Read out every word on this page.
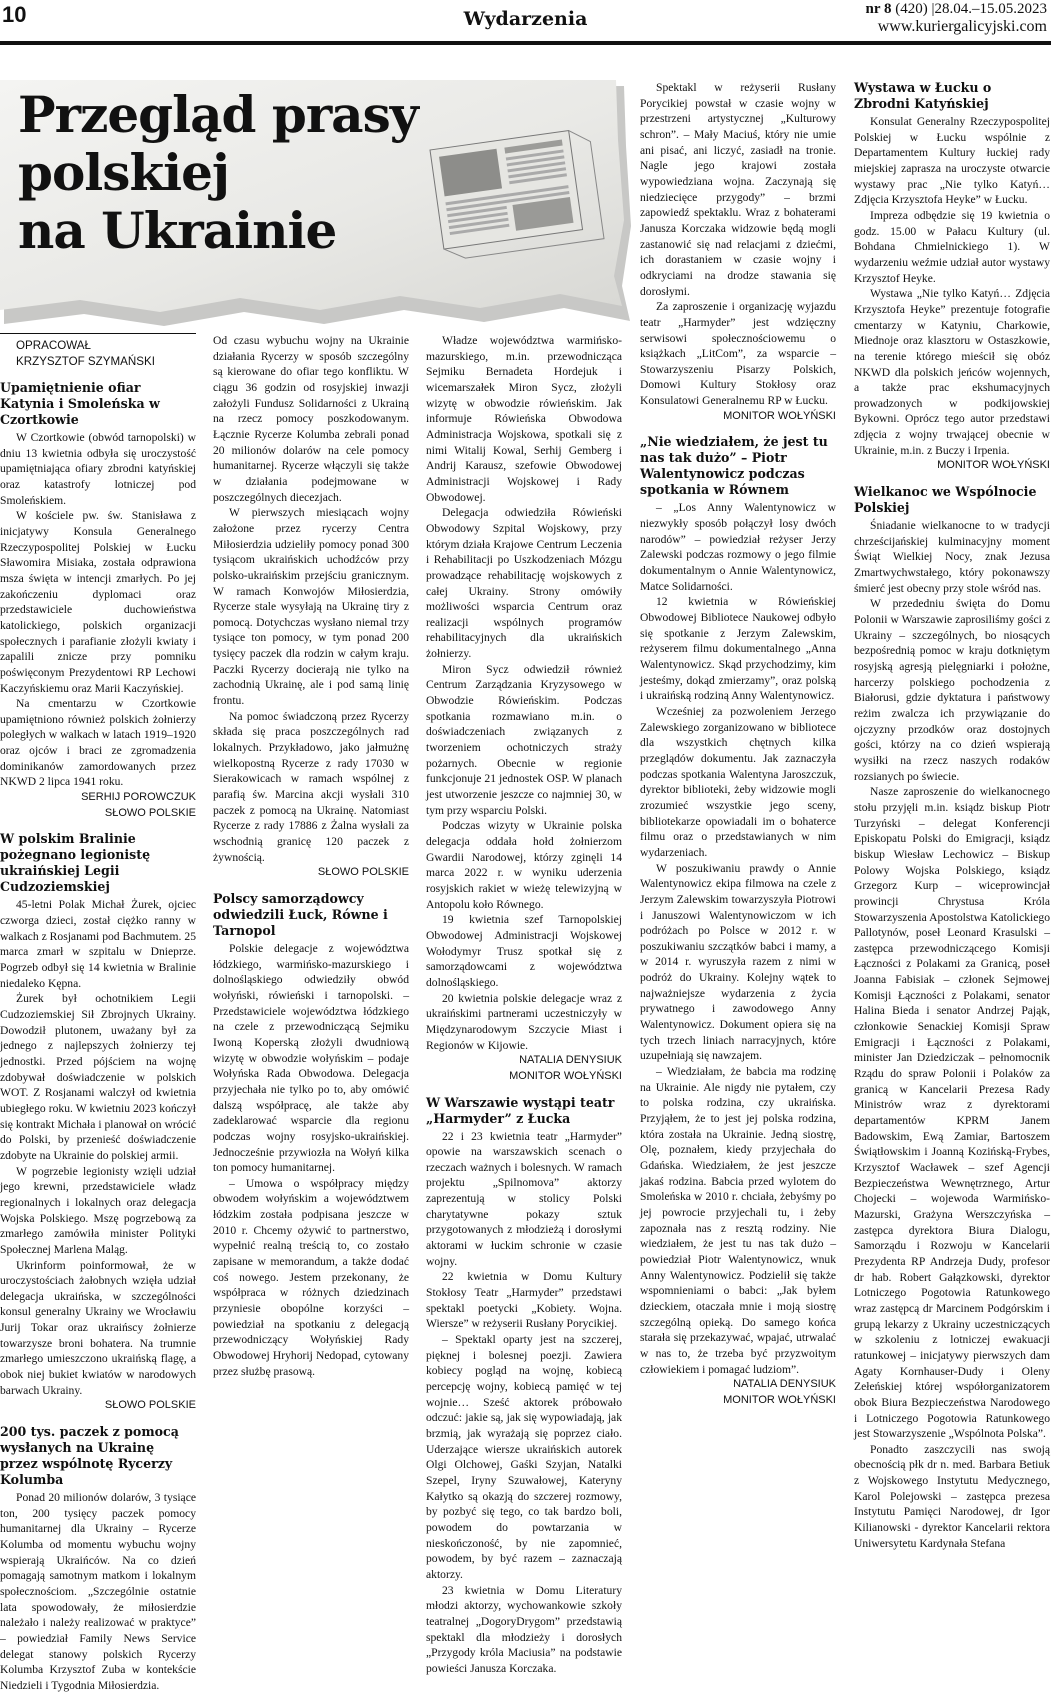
10	Wydarzenia	nr 8 (420) |28.04.–15.05.2023
www.kuriergalicyjski.com
Przegląd prasy
polskiej
na Ukrainie

OPRACOWAŁ

KRZYSZTOF SZYMAŃSKI

Upamiętnienie ofiar Katynia i Smoleńska w Czortkowie

W Czortkowie (obwód tarnopolski) w dniu 13 kwietnia odbyła się uroczystość upamiętniająca ofiary zbrodni katyńskiej oraz katastrofy lotniczej pod Smoleńskiem.

W kościele pw. św. Stanisława z inicjatywy Konsula Generalnego Rzeczypospolitej Polskiej w Łucku Sławomira Misiaka, została odprawiona msza święta w intencji zmarłych. Po jej zakończeniu dyplomaci oraz przedstawiciele duchowieństwa katolickiego, polskich organizacji społecznych i parafianie złożyli kwiaty i zapalili znicze przy pomniku poświęconym Prezydentowi RP Lechowi Kaczyńskiemu oraz Marii Kaczyńskiej.

Na cmentarzu w Czortkowie upamiętniono również polskich żołnierzy poległych w walkach w latach 1919–1920 oraz ojców i braci ze zgromadzenia dominikanów zamordowanych przez NKWD 2 lipca 1941 roku.

SERHIJ POROWCZUK

SŁOWO POLSKIE

W polskim Bralinie pożegnano legionistę ukraińskiej Legii Cudzoziemskiej

45-letni Polak Michał Żurek, ojciec czworga dzieci, został ciężko ranny w walkach z Rosjanami pod Bachmutem. 25 marca zmarł w szpitalu w Dnieprze. Pogrzeb odbył się 14 kwietnia w Bralinie niedaleko Kępna.

Żurek był ochotnikiem Legii Cudzoziemskiej Sił Zbrojnych Ukrainy. Dowodził plutonem, uważany był za jednego z najlepszych żołnierzy tej jednostki. Przed pójściem na wojnę zdobywał doświadczenie w polskich WOT. Z Rosjanami walczył od kwietnia ubiegłego roku. W kwietniu 2023 kończył się kontrakt Michała i planował on wrócić do Polski, by przenieść doświadczenie zdobyte na Ukrainie do polskiej armii.

W pogrzebie legionisty wzięli udział jego krewni, przedstawiciele władz regionalnych i lokalnych oraz delegacja Wojska Polskiego. Mszę pogrzebową za zmarłego zamówiła minister Polityki Społecznej Marlena Maląg.

Ukrinform poinformował, że w uroczystościach żałobnych wzięła udział delegacja ukraińska, w szczególności konsul generalny Ukrainy we Wrocławiu Jurij Tokar oraz ukraińscy żołnierze towarzysze broni bohatera. Na trumnie zmarłego umieszczono ukraińską flagę, a obok niej bukiet kwiatów w narodowych barwach Ukrainy.

SŁOWO POLSKIE

200 tys. paczek z pomocą wysłanych na Ukrainę przez wspólnotę Rycerzy Kolumba

Ponad 20 milionów dolarów, 3 tysiące ton, 200 tysięcy paczek pomocy humanitarnej dla Ukrainy – Rycerze Kolumba od momentu wybuchu wojny wspierają Ukraińców. Na co dzień pomagają samotnym matkom i lokalnym społecznościom. „Szczególnie ostatnie lata spowodowały, że miłosierdzie należało i należy realizować w praktyce” – powiedział Family News Service delegat stanowy polskich Rycerzy Kolumba Krzysztof Zuba w kontekście Niedzieli i Tygodnia Miłosierdzia.

Od czasu wybuchu wojny na Ukrainie działania Rycerzy w sposób szczególny są kierowane do ofiar tego konfliktu. W ciągu 36 godzin od rosyjskiej inwazji założyli Fundusz Solidarności z Ukrainą na rzecz pomocy poszkodowanym. Łącznie Rycerze Kolumba zebrali ponad 20 milionów dolarów na cele pomocy humanitarnej. Rycerze włączyli się także w działania podejmowane w poszczególnych diecezjach.

W pierwszych miesiącach wojny założone przez rycerzy Centra Miłosierdzia udzieliły pomocy ponad 300 tysiącom ukraińskich uchodźców przy polsko-ukraińskim przejściu granicznym. W ramach Konwojów Miłosierdzia, Rycerze stale wysyłają na Ukrainę tiry z pomocą. Dotychczas wysłano niemal trzy tysiące ton pomocy, w tym ponad 200 tysięcy paczek dla rodzin w całym kraju. Paczki Rycerzy docierają nie tylko na zachodnią Ukrainę, ale i pod samą linię frontu.

Na pomoc świadczoną przez Rycerzy składa się praca poszczególnych rad lokalnych. Przykładowo, jako jałmużnę wielkopostną Rycerze z rady 17030 w Sierakowicach w ramach wspólnej z parafią św. Marcina akcji wysłali 310 paczek z pomocą na Ukrainę. Natomiast Rycerze z rady 17886 z Żalna wysłali za wschodnią granicę 120 paczek z żywnością.

SŁOWO POLSKIE

Polscy samorządowcy odwiedzili Łuck, Równe i Tarnopol

Polskie delegacje z województwa łódzkiego, warmińsko-mazurskiego i dolnośląskiego odwiedziły obwód wołyński, rówieński i tarnopolski. – Przedstawiciele województwa łódzkiego na czele z przewodniczącą Sejmiku Iwoną Koperską złożyli dwudniową wizytę w obwodzie wołyńskim – podaje Wołyńska Rada Obwodowa. Delegacja przyjechała nie tylko po to, aby omówić dalszą współpracę, ale także aby zadeklarować wsparcie dla regionu podczas wojny rosyjsko-ukraińskiej. Jednocześnie przywiozła na Wołyń kilka ton pomocy humanitarnej.

– Umowa o współpracy między obwodem wołyńskim a województwem łódzkim została podpisana jeszcze w 2010 r. Chcemy ożywić to partnerstwo, wypełnić realną treścią to, co zostało zapisane w memorandum, a także dodać coś nowego. Jestem przekonany, że współpraca w różnych dziedzinach przyniesie obopólne korzyści – powiedział na spotkaniu z delegacją przewodniczący Wołyńskiej Rady Obwodowej Hryhorij Nedopad, cytowany przez służbę prasową.

Władze województwa warmińsko-mazurskiego, m.in. przewodnicząca Sejmiku Bernadeta Hordejuk i wicemarszałek Miron Sycz, złożyli wizytę w obwodzie rówieńskim. Jak informuje Rówieńska Obwodowa Administracja Wojskowa, spotkali się z nimi Witalij Kowal, Serhij Gemberg i Andrij Karausz, szefowie Obwodowej Administracji Wojskowej i Rady Obwodowej.

Delegacja odwiedziła Rówieński Obwodowy Szpital Wojskowy, przy którym działa Krajowe Centrum Leczenia i Rehabilitacji po Uszkodzeniach Mózgu prowadzące rehabilitację wojskowych z całej Ukrainy. Strony omówiły możliwości wsparcia Centrum oraz realizacji wspólnych programów rehabilitacyjnych dla ukraińskich żołnierzy.

Miron Sycz odwiedził również Centrum Zarządzania Kryzysowego w Obwodzie Rówieńskim. Podczas spotkania rozmawiano m.in. o doświadczeniach związanych z tworzeniem ochotniczych straży pożarnych. Obecnie w regionie funkcjonuje 21 jednostek OSP. W planach jest utworzenie jeszcze co najmniej 30, w tym przy wsparciu Polski.

Podczas wizyty w Ukrainie polska delegacja oddała hołd żołnierzom Gwardii Narodowej, którzy zginęli 14 marca 2022 r. w wyniku uderzenia rosyjskich rakiet w wieżę telewizyjną w Antopolu koło Równego.

19 kwietnia szef Tarnopolskiej Obwodowej Administracji Wojskowej Wołodymyr Trusz spotkał się z samorządowcami z województwa dolnośląskiego.

20 kwietnia polskie delegacje wraz z ukraińskimi partnerami uczestniczyły w Międzynarodowym Szczycie Miast i Regionów w Kijowie.

NATALIA DENYSIUK

MONITOR WOŁYŃSKI

W Warszawie wystąpi teatr „Harmyder” z Łucka

22 i 23 kwietnia teatr „Harmyder” opowie na warszawskich scenach o rzeczach ważnych i bolesnych. W ramach projektu „Spilnomova” aktorzy zaprezentują w stolicy Polski charytatywne pokazy sztuk przygotowanych z młodzieżą i dorosłymi aktorami w łuckim schronie w czasie wojny.

22 kwietnia w Domu Kultury Stokłosy Teatr „Harmyder” przedstawi spektakl poetycki „Kobiety. Wojna. Wiersze” w reżyserii Rusłany Porycikiej.

– Spektakl oparty jest na szczerej, pięknej i bolesnej poezji. Zawiera kobiecy pogląd na wojnę, kobiecą percepcję wojny, kobiecą pamięć w tej wojnie… Sześć aktorek próbowało odczuć: jakie są, jak się wypowiadają, jak brzmią, jak wyrażają się poprzez ciało. Uderzające wiersze ukraińskich autorek Olgi Olchowej, Gaśki Szyjan, Natalki Szepel, Iryny Szuwałowej, Kateryny Kałytko są okazją do szczerej rozmowy, by pozbyć się tego, co tak bardzo boli, powodem do powtarzania w nieskończoność, by nie zapomnieć, powodem, by być razem – zaznaczają aktorzy.

23 kwietnia w Domu Literatury młodzi aktorzy, wychowankowie szkoły teatralnej „DogoryDrygom” przedstawią spektakl dla młodzieży i dorosłych „Przygody króla Maciusia” na podstawie powieści Janusza Korczaka.

Spektakl w reżyserii Rusłany Porycikiej powstał w czasie wojny w przestrzeni artystycznej „Kulturowy schron”. – Mały Maciuś, który nie umie ani pisać, ani liczyć, zasiadł na tronie. Nagle jego krajowi została wypowiedziana wojna. Zaczynają się niedziecięce przygody” – brzmi zapowiedź spektaklu. Wraz z bohaterami Janusza Korczaka widzowie będą mogli zastanowić się nad relacjami z dziećmi, ich dorastaniem w czasie wojny i odkryciami na drodze stawania się dorosłymi.

Za zaproszenie i organizację wyjazdu teatr „Harmyder” jest wdzięczny serwisowi społecznościowemu o książkach „LitCom”, za wsparcie – Stowarzyszeniu Pisarzy Polskich, Domowi Kultury Stokłosy oraz Konsulatowi Generalnemu RP w Łucku.

MONITOR WOŁYŃSKI

„Nie wiedziałem, że jest tu nas tak dużo” – Piotr Walentynowicz podczas spotkania w Równem

– „Los Anny Walentynowicz w niezwykły sposób połączył losy dwóch narodów” – powiedział reżyser Jerzy Zalewski podczas rozmowy o jego filmie dokumentalnym o Annie Walentynowicz, Matce Solidarności.

12 kwietnia w Rówieńskiej Obwodowej Bibliotece Naukowej odbyło się spotkanie z Jerzym Zalewskim, reżyserem filmu dokumentalnego „Anna Walentynowicz. Skąd przychodzimy, kim jesteśmy, dokąd zmierzamy”, oraz polską i ukraińską rodziną Anny Walentynowicz.

Wcześniej za pozwoleniem Jerzego Zalewskiego zorganizowano w bibliotece dla wszystkich chętnych kilka przeglądów dokumentu. Jak zaznaczyła podczas spotkania Walentyna Jaroszczuk, dyrektor biblioteki, żeby widzowie mogli zrozumieć wszystkie jego sceny, bibliotekarze opowiadali im o bohaterce filmu oraz o przedstawianych w nim wydarzeniach.

W poszukiwaniu prawdy o Annie Walentynowicz ekipa filmowa na czele z Jerzym Zalewskim towarzyszyła Piotrowi i Januszowi Walentynowiczom w ich podróżach po Polsce w 2012 r. w poszukiwaniu szczątków babci i mamy, a w 2014 r. wyruszyła razem z nimi w podróż do Ukrainy. Kolejny wątek to najważniejsze wydarzenia z życia prywatnego i zawodowego Anny Walentynowicz. Dokument opiera się na tych trzech liniach narracyjnych, które uzupełniają się nawzajem.

– Wiedziałam, że babcia ma rodzinę na Ukrainie. Ale nigdy nie pytałem, czy to polska rodzina, czy ukraińska. Przyjąłem, że to jest jej polska rodzina, która została na Ukrainie. Jedną siostrę, Olę, poznałem, kiedy przyjechała do Gdańska. Wiedziałem, że jest jeszcze jakaś rodzina. Babcia przed wylotem do Smoleńska w 2010 r. chciała, żebyśmy po jej powrocie przyjechali tu, i żeby zapoznała nas z resztą rodziny. Nie wiedziałem, że jest tu nas tak dużo – powiedział Piotr Walentynowicz, wnuk Anny Walentynowicz. Podzielił się także wspomnieniami o babci: „Jak byłem dzieckiem, otaczała mnie i moją siostrę szczególną opieką. Do samego końca starała się przekazywać, wpajać, utrwalać w nas to, że trzeba być przyzwoitym człowiekiem i pomagać ludziom”.

NATALIA DENYSIUK

MONITOR WOŁYŃSKI

Wystawa w Łucku o Zbrodni Katyńskiej

Konsulat Generalny Rzeczypospolitej Polskiej w Łucku wspólnie z Departamentem Kultury łuckiej rady miejskiej zaprasza na uroczyste otwarcie wystawy prac „Nie tylko Katyń… Zdjęcia Krzysztofa Heyke” w Łucku.

Impreza odbędzie się 19 kwietnia o godz. 15.00 w Pałacu Kultury (ul. Bohdana Chmielnickiego 1). W wydarzeniu weźmie udział autor wystawy Krzysztof Heyke.

Wystawa „Nie tylko Katyń… Zdjęcia Krzysztofa Heyke” prezentuje fotografie cmentarzy w Katyniu, Charkowie, Miednoje oraz klasztoru w Ostaszkowie, na terenie którego mieścił się obóz NKWD dla polskich jeńców wojennych, a także prac ekshumacyjnych prowadzonych w podkijowskiej Bykowni. Oprócz tego autor przedstawi zdjęcia z wojny trwającej obecnie w Ukrainie, m.in. z Buczy i Irpenia.

MONITOR WOŁYŃSKI

Wielkanoc we Wspólnocie Polskiej

Śniadanie wielkanocne to w tradycji chrześcijańskiej kulminacyjny moment Świąt Wielkiej Nocy, znak Jezusa Zmartwychwstałego, który pokonawszy śmierć jest obecny przy stole wśród nas.

W przededniu święta do Domu Polonii w Warszawie zaprosiliśmy gości z Ukrainy – szczególnych, bo niosących bezpośrednią pomoc w kraju dotkniętym rosyjską agresją pielęgniarki i położne, harcerzy polskiego pochodzenia z Białorusi, gdzie dyktatura i państwowy reżim zwalcza ich przywiązanie do ojczyzny przodków oraz dostojnych gości, którzy na co dzień wspierają wysiłki na rzecz naszych rodaków rozsianych po świecie.

Nasze zaproszenie do wielkanocnego stołu przyjęli m.in. ksiądz biskup Piotr Turzyński – delegat Konferencji Episkopatu Polski do Emigracji, ksiądz biskup Wiesław Lechowicz – Biskup Polowy Wojska Polskiego, ksiądz Grzegorz Kurp – wiceprowincjał prowincji Chrystusa Króla Stowarzyszenia Apostolstwa Katolickiego Pallotynów, poseł Leonard Krasulski – zastępca przewodniczącego Komisji Łączności z Polakami za Granicą, poseł Joanna Fabisiak – członek Sejmowej Komisji Łączności z Polakami, senator Halina Bieda i senator Andrzej Pająk, członkowie Senackiej Komisji Spraw Emigracji i Łączności z Polakami, minister Jan Dziedziczak – pełnomocnik Rządu do spraw Polonii i Polaków za granicą w Kancelarii Prezesa Rady Ministrów wraz z dyrektorami departamentów KPRM Janem Badowskim, Ewą Zamiar, Bartoszem Świątłowskim i Joanną Kozińską-Frybes, Krzysztof Wacławek – szef Agencji Bezpieczeństwa Wewnętrznego, Artur Chojecki – wojewoda Warmińsko-Mazurski, Grażyna Werszczyńska – zastępca dyrektora Biura Dialogu, Samorządu i Rozwoju w Kancelarii Prezydenta RP Andrzeja Dudy, profesor dr hab. Robert Gałązkowski, dyrektor Lotniczego Pogotowia Ratunkowego wraz zastępcą dr Marcinem Podgórskim i grupą lekarzy z Ukrainy uczestniczących w szkoleniu z lotniczej ewakuacji ratunkowej – inicjatywy pierwszych dam Agaty Kornhauser-Dudy i Oleny Zełeńskiej której współorganizatorem obok Biura Bezpieczeństwa Narodowego i Lotniczego Pogotowia Ratunkowego jest Stowarzyszenie „Wspólnota Polska”.

Ponadto zaszczycili nas swoją obecnością płk dr n. med. Barbara Betiuk z Wojskowego Instytutu Medycznego, Karol Polejowski – zastępca prezesa Instytutu Pamięci Narodowej, dr Igor Kilianowski - dyrektor Kancelarii rektora Uniwersytetu Kardynała Stefana
